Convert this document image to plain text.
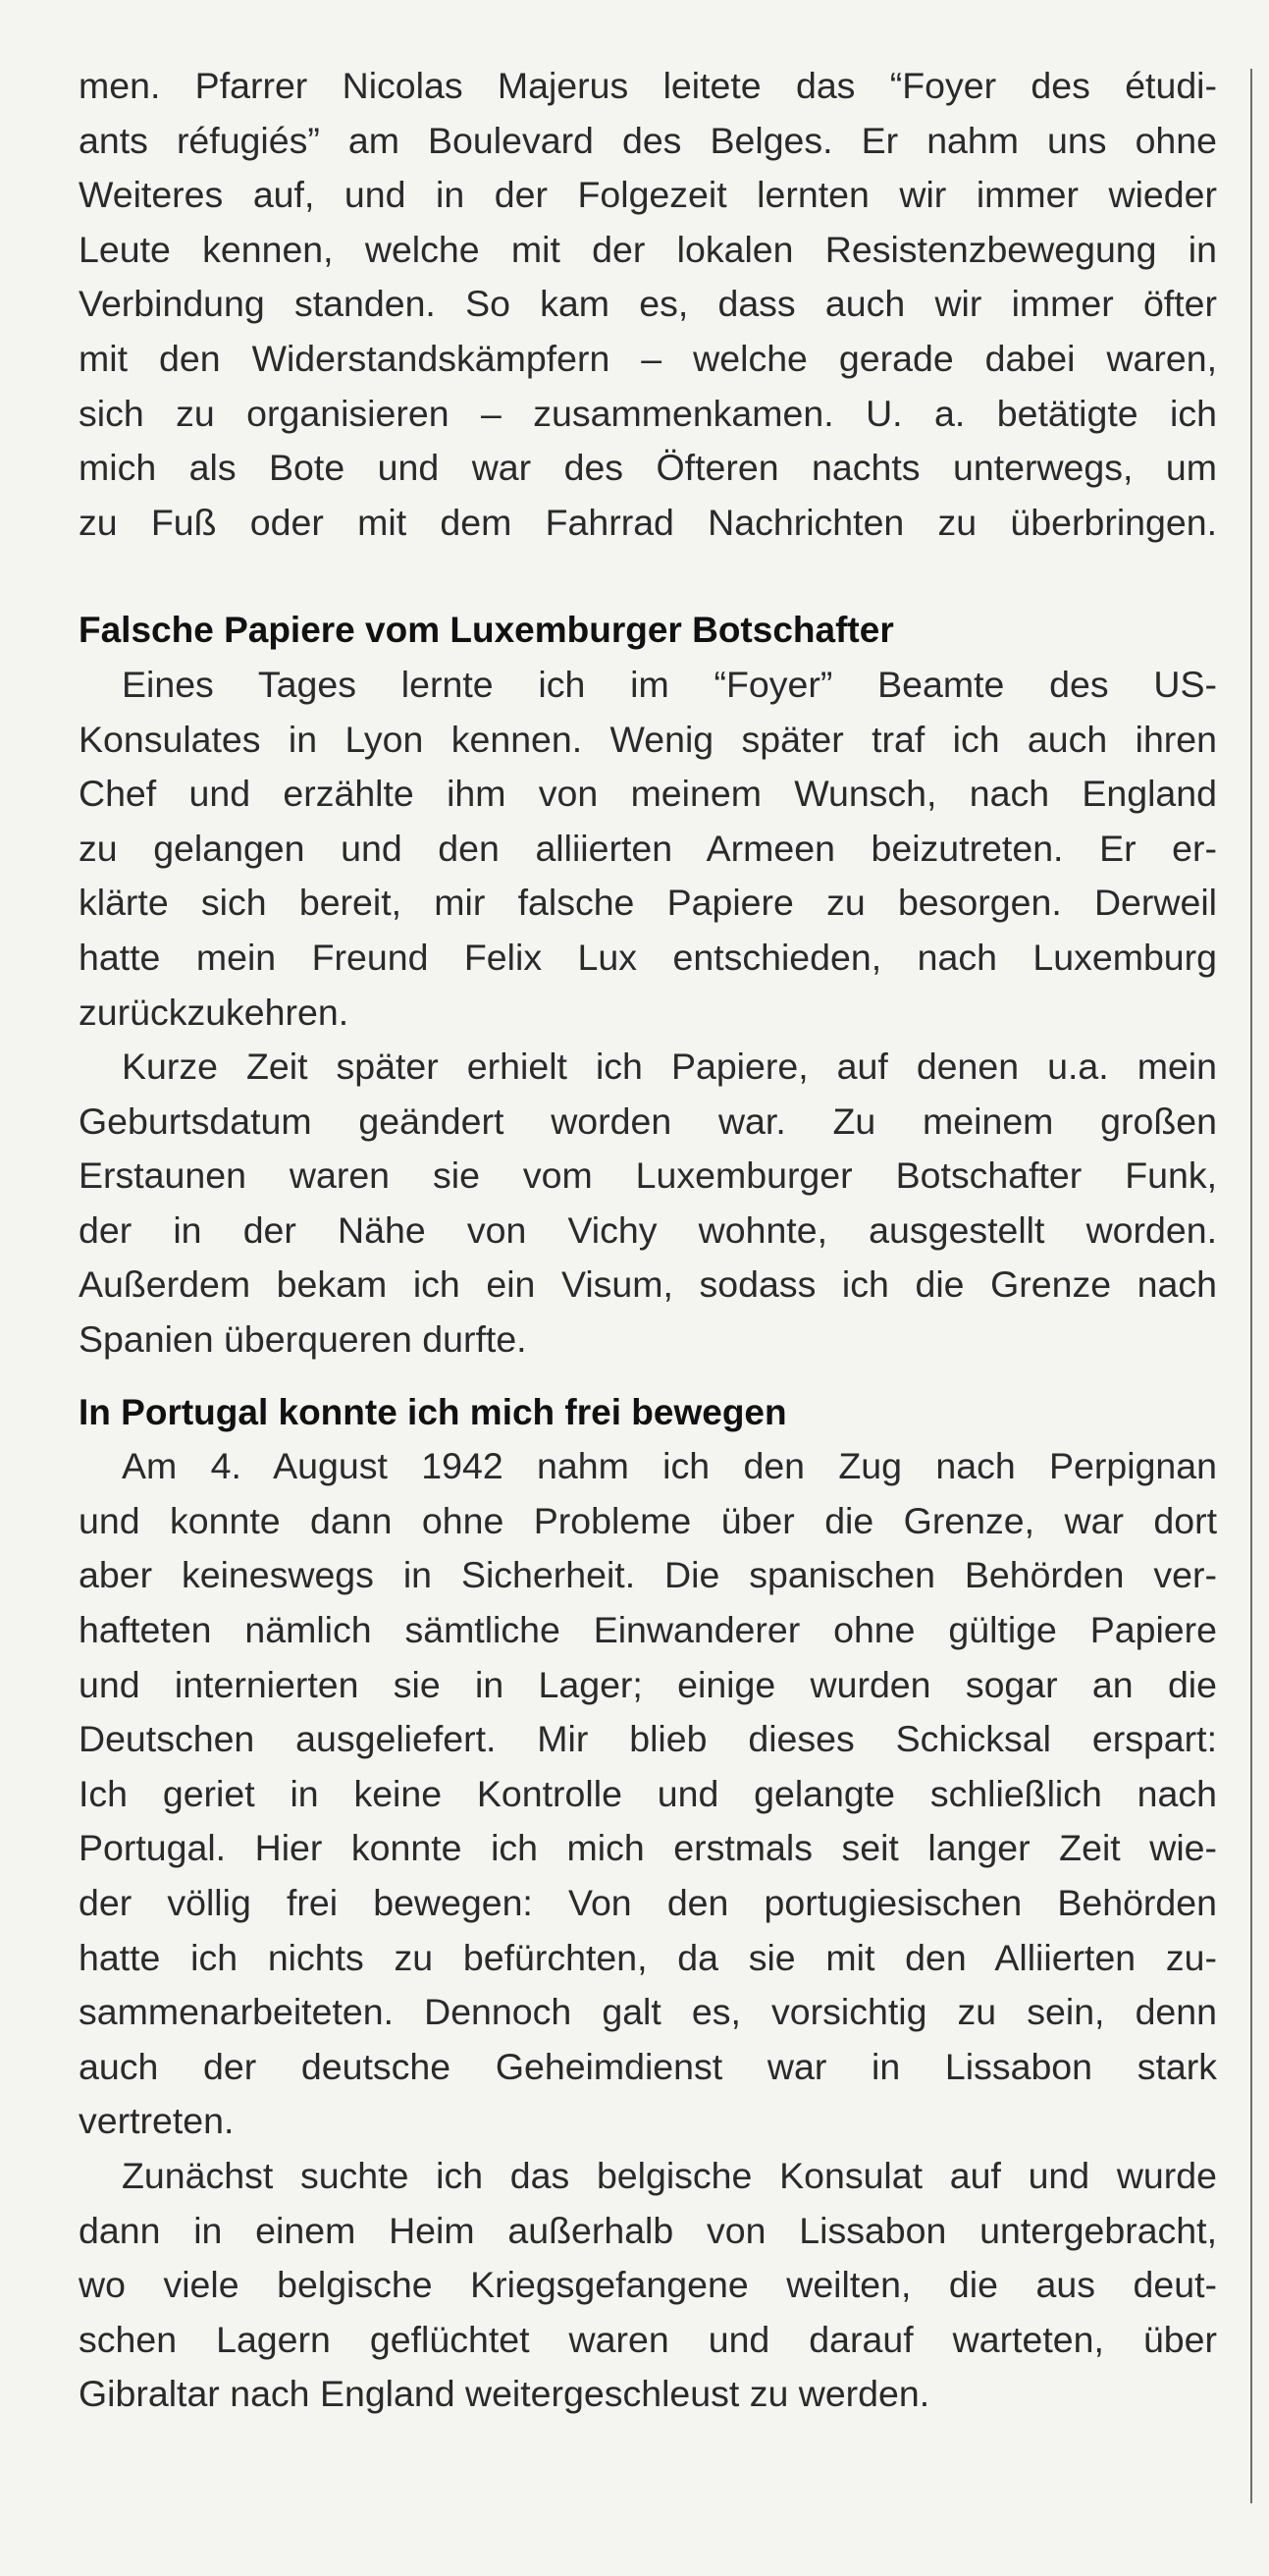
men. Pfarrer Nicolas Majerus leitete das “Foyer des étudi-
ants réfugiés” am Boulevard des Belges. Er nahm uns ohne
Weiteres auf, und in der Folgezeit lernten wir immer wieder
Leute kennen, welche mit der lokalen Resistenzbewegung in
Verbindung standen. So kam es, dass auch wir immer öfter
mit den Widerstandskämpfern – welche gerade dabei waren,
sich zu organisieren – zusammenkamen. U. a. betätigte ich
mich als Bote und war des Öfteren nachts unterwegs, um
zu Fuß oder mit dem Fahrrad Nachrichten zu überbringen.
Falsche Papiere vom Luxemburger Botschafter
Eines Tages lernte ich im “Foyer” Beamte des US-
Konsulates in Lyon kennen. Wenig später traf ich auch ihren
Chef und erzählte ihm von meinem Wunsch, nach England
zu gelangen und den alliierten Armeen beizutreten. Er er-
klärte sich bereit, mir falsche Papiere zu besorgen. Derweil
hatte mein Freund Felix Lux entschieden, nach Luxemburg
zurückzukehren.
Kurze Zeit später erhielt ich Papiere, auf denen u.a. mein
Geburtsdatum geändert worden war. Zu meinem großen
Erstaunen waren sie vom Luxemburger Botschafter Funk,
der in der Nähe von Vichy wohnte, ausgestellt worden.
Außerdem bekam ich ein Visum, sodass ich die Grenze nach
Spanien überqueren durfte.
In Portugal konnte ich mich frei bewegen
Am 4. August 1942 nahm ich den Zug nach Perpignan
und konnte dann ohne Probleme über die Grenze, war dort
aber keineswegs in Sicherheit. Die spanischen Behörden ver-
hafteten nämlich sämtliche Einwanderer ohne gültige Papiere
und internierten sie in Lager; einige wurden sogar an die
Deutschen ausgeliefert. Mir blieb dieses Schicksal erspart:
Ich geriet in keine Kontrolle und gelangte schließlich nach
Portugal. Hier konnte ich mich erstmals seit langer Zeit wie-
der völlig frei bewegen: Von den portugiesischen Behörden
hatte ich nichts zu befürchten, da sie mit den Alliierten zu-
sammenarbeiteten. Dennoch galt es, vorsichtig zu sein, denn
auch der deutsche Geheimdienst war in Lissabon stark
vertreten.
Zunächst suchte ich das belgische Konsulat auf und wurde
dann in einem Heim außerhalb von Lissabon untergebracht,
wo viele belgische Kriegsgefangene weilten, die aus deut-
schen Lagern geflüchtet waren und darauf warteten, über
Gibraltar nach England weitergeschleust zu werden.
